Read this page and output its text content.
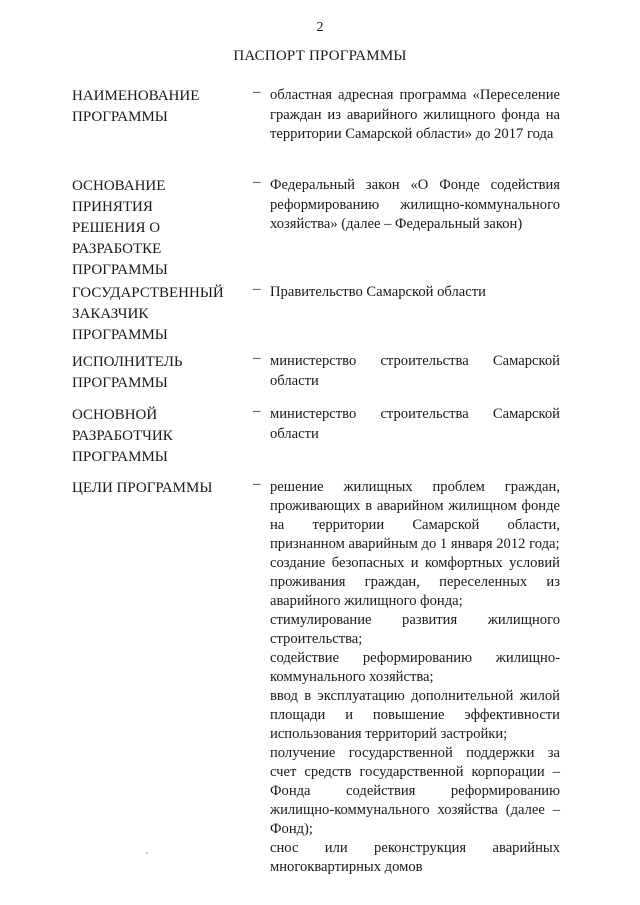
2
ПАСПОРТ ПРОГРАММЫ
НАИМЕНОВАНИЕ
ПРОГРАММЫ
– областная адресная программа «Переселение граждан из аварийного жилищного фонда на территории Самарской области» до 2017 года
ОСНОВАНИЕ
ПРИНЯТИЯ
РЕШЕНИЯ О
РАЗРАБОТКЕ
ПРОГРАММЫ
– Федеральный закон «О Фонде содействия реформированию жилищно-коммунального хозяйства» (далее – Федеральный закон)
ГОСУДАРСТВЕННЫЙ
ЗАКАЗЧИК
ПРОГРАММЫ
– Правительство Самарской области
ИСПОЛНИТЕЛЬ
ПРОГРАММЫ
– министерство строительства Самарской области
ОСНОВНОЙ
РАЗРАБОТЧИК
ПРОГРАММЫ
– министерство строительства Самарской области
ЦЕЛИ ПРОГРАММЫ	– решение жилищных проблем граждан, проживающих в аварийном жилищном фонде на территории Самарской области, признанном аварийным до 1 января 2012 года;
создание безопасных и комфортных условий проживания граждан, переселенных из аварийного жилищного фонда;
стимулирование развития жилищного строительства;
содействие реформированию жилищно-коммунального хозяйства;
ввод в эксплуатацию дополнительной жилой площади и повышение эффективности использования территорий застройки;
получение государственной поддержки за счет средств государственной корпорации – Фонда содействия реформированию жилищно-коммунального хозяйства (далее – Фонд);
снос или реконструкция аварийных многоквартирных домов
